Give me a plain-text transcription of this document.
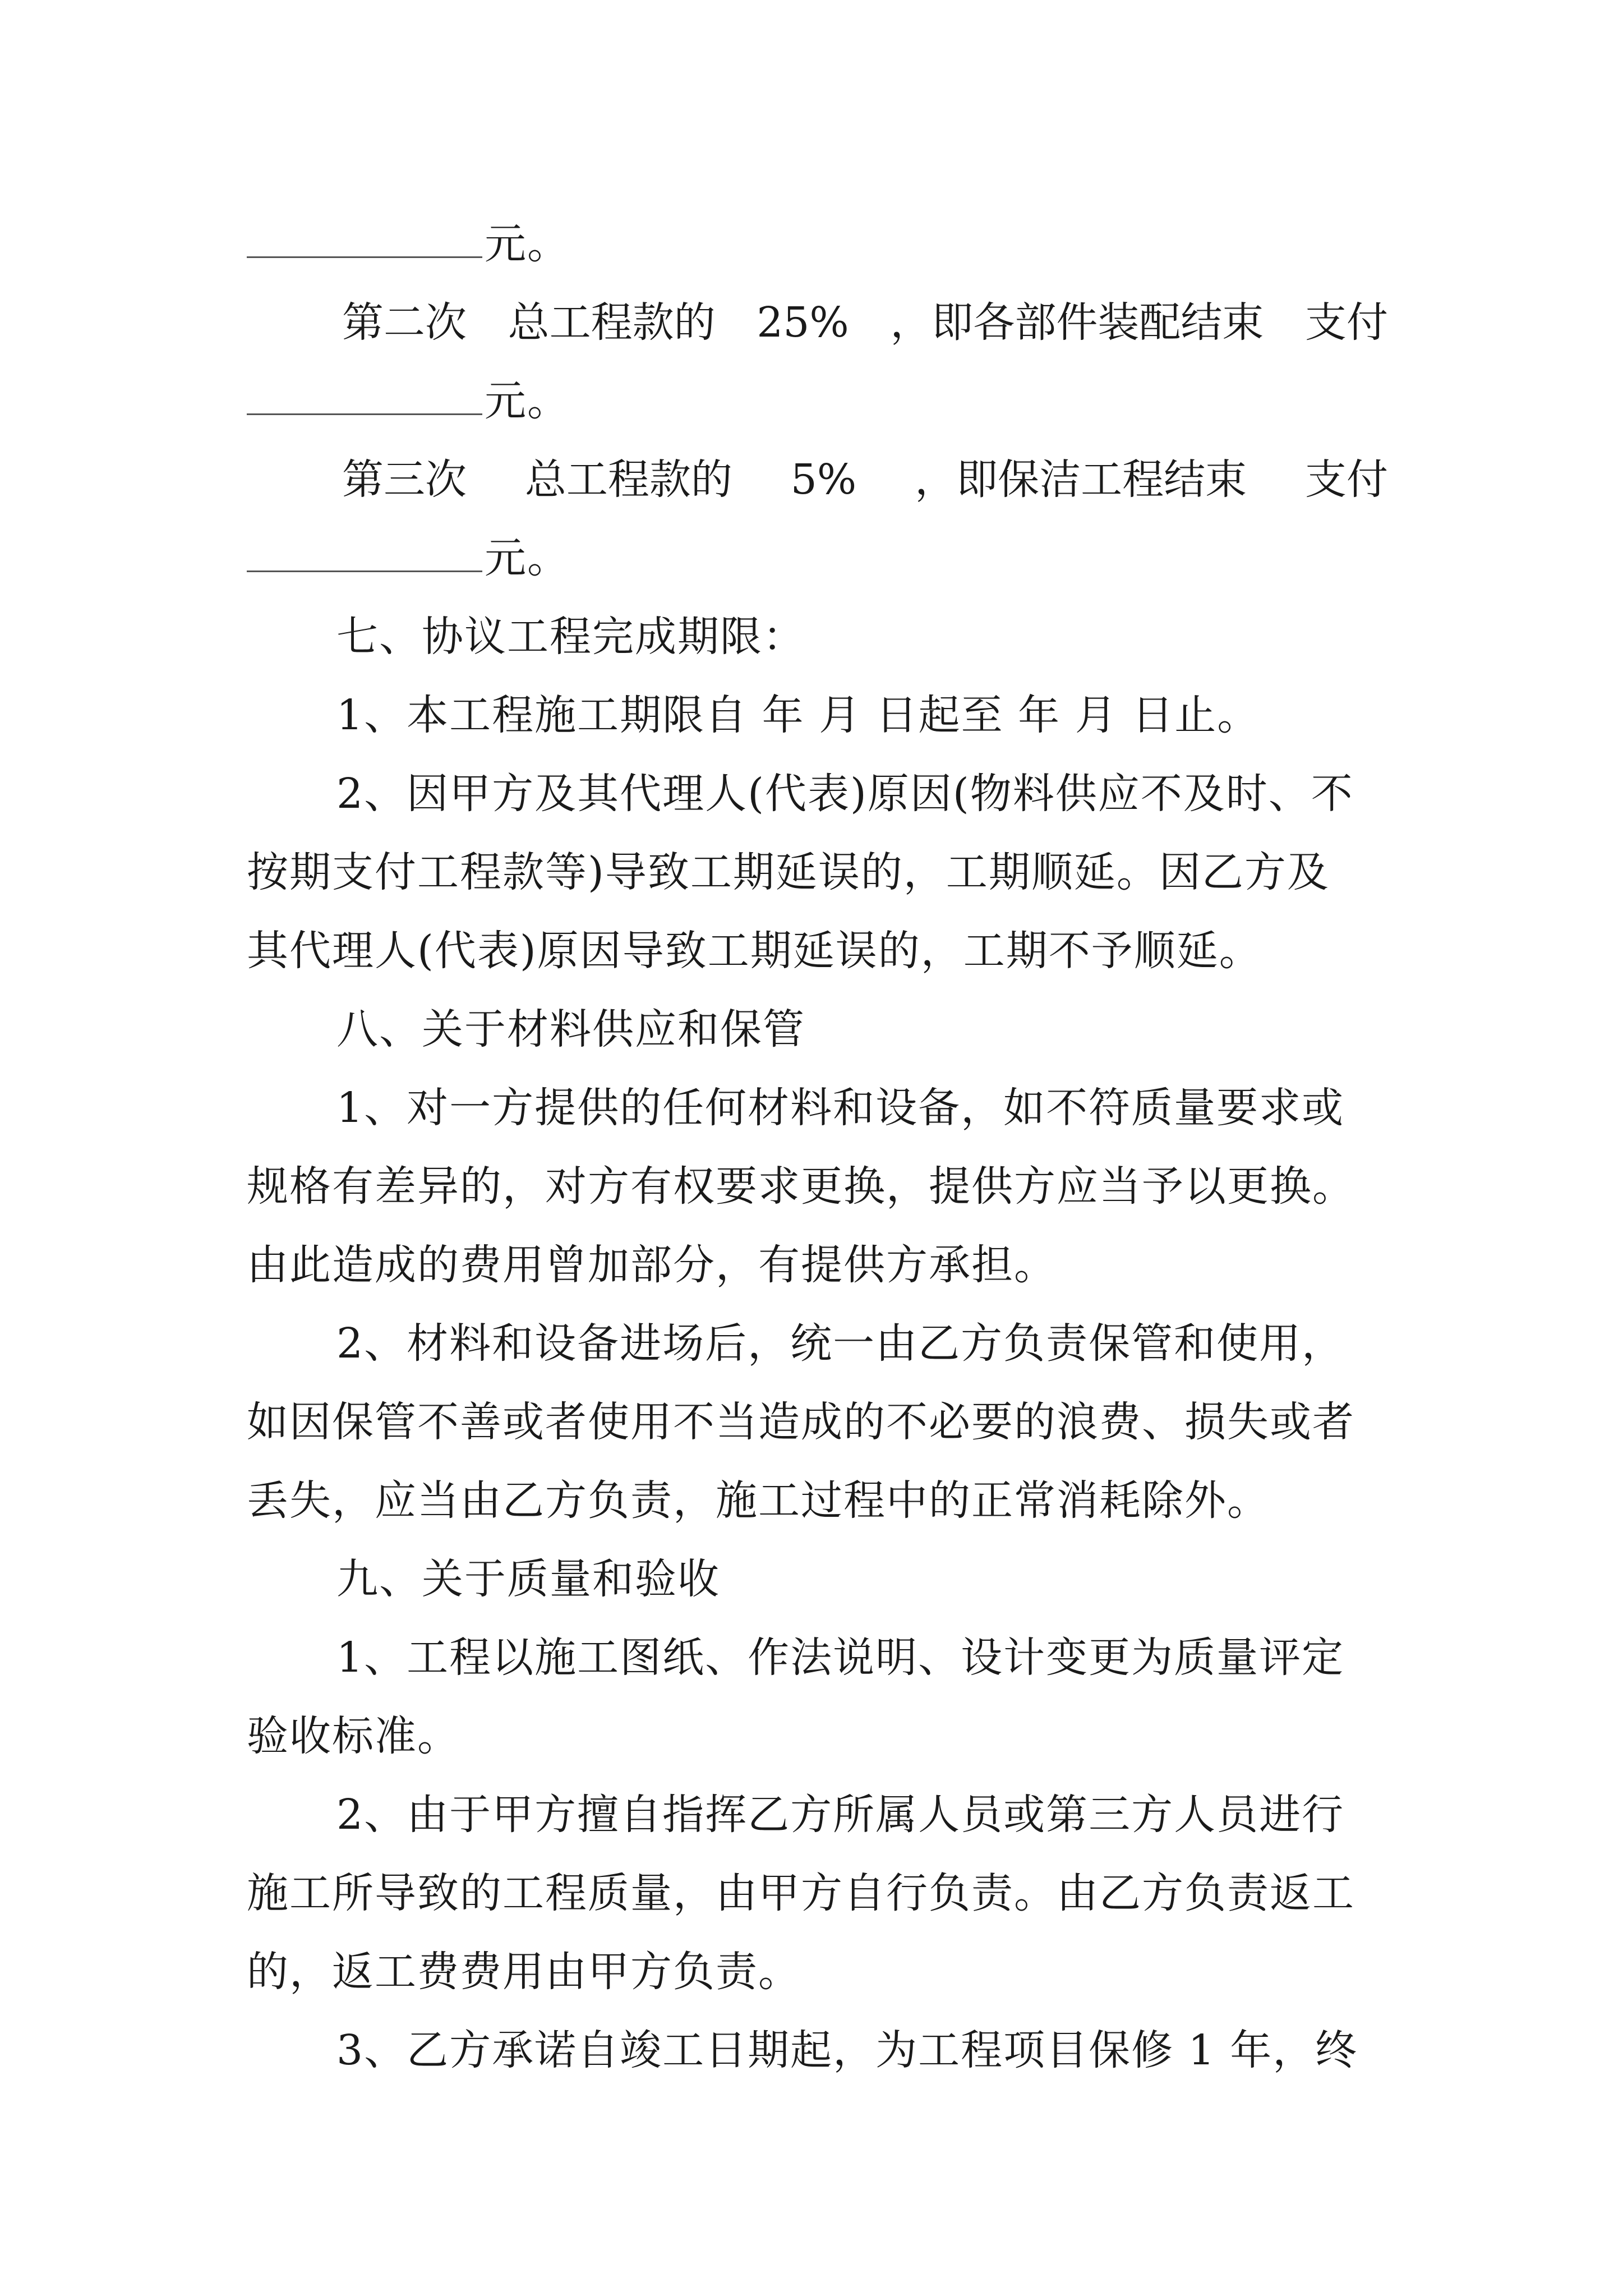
元。
第二次 总工程款的 25% ，即各部件装配结束 支付
元。
第三次 总工程款的 5% ，即保洁工程结束 支付
元。
七、协议工程完成期限：
1、本工程施工期限自 年 月 日起至 年 月 日止。
2、因甲方及其代理人(代表)原因(物料供应不及时、不
按期支付工程款等)导致工期延误的，工期顺延。因乙方及
其代理人(代表)原因导致工期延误的，工期不予顺延。
八、关于材料供应和保管
1、对一方提供的任何材料和设备，如不符质量要求或
规格有差异的，对方有权要求更换，提供方应当予以更换。
由此造成的费用曾加部分，有提供方承担。
2、材料和设备进场后，统一由乙方负责保管和使用，
如因保管不善或者使用不当造成的不必要的浪费、损失或者
丢失，应当由乙方负责，施工过程中的正常消耗除外。
九、关于质量和验收
1、工程以施工图纸、作法说明、设计变更为质量评定
验收标准。
2、由于甲方擅自指挥乙方所属人员或第三方人员进行
施工所导致的工程质量，由甲方自行负责。由乙方负责返工
的，返工费费用由甲方负责。
3、乙方承诺自竣工日期起，为工程项目保修 1 年，终
